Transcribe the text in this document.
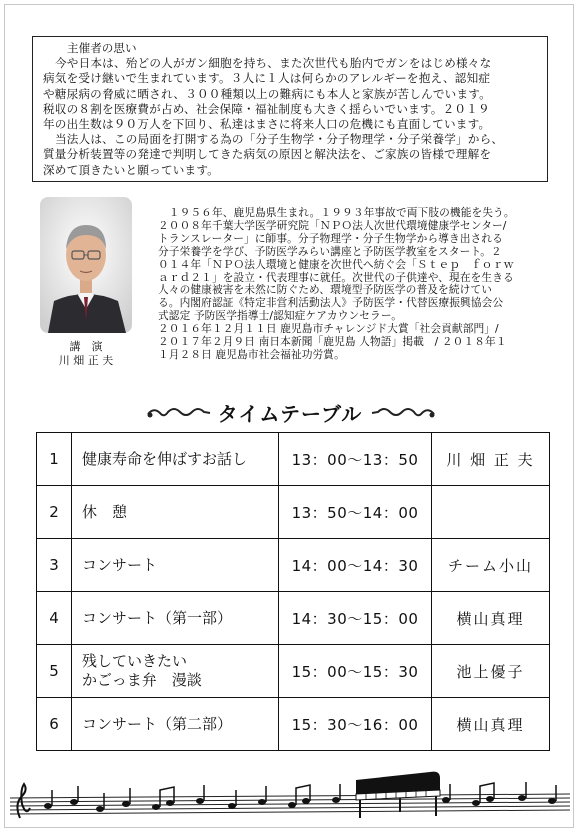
主催者の思い

今や日本は、殆どの人がガン細胞を持ち、また次世代も胎内でガンをはじめ様々な
病気を受け継いで生まれています。３人に１人は何らかのアレルギーを抱え、認知症
や糖尿病の脅威に晒され、３００種類以上の難病にも本人と家族が苦しんでいます。
税収の８割を医療費が占め、社会保障・福祉制度も大きく揺らいでいます。２０１９
年の出生数は９０万人を下回り、私達はまさに将来人口の危機にも直面しています。

当法人は、この局面を打開する為の「分子生物学・分子物理学・分子栄養学」から、
質量分析装置等の発達で判明してきた病気の原因と解決法を、ご家族の皆様で理解を
深めて頂きたいと願っています。

講　演
川 畑 正 夫
　１９５６年、鹿児島県生まれ。１９９３年事故で両下肢の機能を失う。
２００８年千葉大学医学研究院「ＮＰＯ法人次世代環境健康学センター/
トランスレーター」に師事。分子物理学・分子生物学から導き出される
分子栄養学を学び、予防医学みらい講座と予防医学教室をスタート。２
０１４年「ＮＰＯ法人環境と健康を次世代へ紡ぐ会「Ｓｔｅｐ　ｆｏｒｗ
ａｒｄ２１」を設立・代表理事に就任。次世代の子供達や、現在を生きる
人々の健康被害を未然に防ぐため、環境型予防医学の普及を続けてい
る。内閣府認証《特定非営利活動法人》予防医学・代替医療振興協会公
式認定 予防医学指導士/認知症ケアカウンセラー。
２０１６年１２月１１日 鹿児島市チャレンジド大賞「社会貢献部門」/
２０１７年２月９日 南日本新聞「鹿児島 人物語」掲載　/ ２０１８年１
１月２８日 鹿児島市社会福祉功労賞。
タイムテーブル
1	健康寿命を伸ばすお話し	13：00～13：50	川 畑 正 夫
2	休　憩	13：50～14：00	
3	コンサート	14：00～14：30	チーム小山
4	コンサート（第一部）	14：30～15：00	横山真理
5	残していきたい
かごっま弁　漫談	15：00～15：30	池上優子
6	コンサート（第二部）	15：30～16：00	横山真理
